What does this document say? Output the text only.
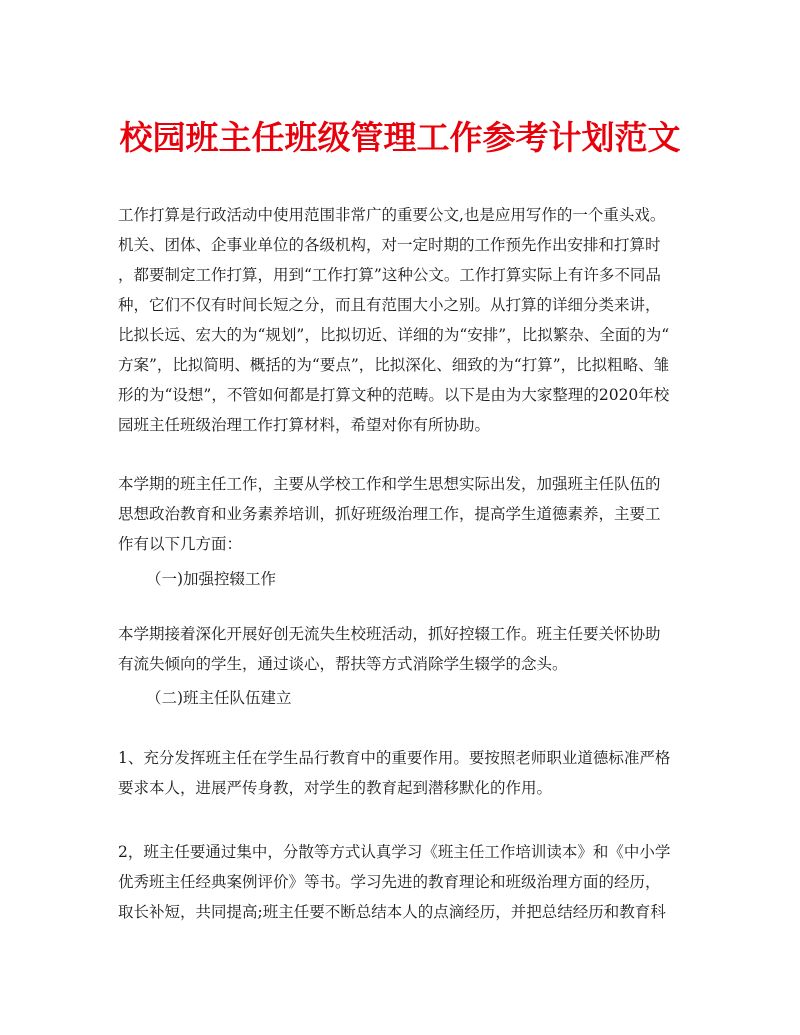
校园班主任班级管理工作参考计划范文
工作打算是行政活动中使用范围非常广的重要公文,也是应用写作的一个重头戏。
机关、团体、企事业单位的各级机构，对一定时期的工作预先作出安排和打算时
，都要制定工作打算，用到“工作打算”这种公文。工作打算实际上有许多不同品
种，它们不仅有时间长短之分，而且有范围大小之别。从打算的详细分类来讲，
比拟长远、宏大的为“规划”，比拟切近、详细的为“安排”，比拟繁杂、全面的为“
方案”，比拟简明、概括的为“要点”，比拟深化、细致的为“打算”，比拟粗略、雏
形的为“设想”，不管如何都是打算文种的范畴。以下是由为大家整理的2020年校
园班主任班级治理工作打算材料，希望对你有所协助。
本学期的班主任工作，主要从学校工作和学生思想实际出发，加强班主任队伍的
思想政治教育和业务素养培训，抓好班级治理工作，提高学生道德素养，主要工
作有以下几方面：
（一)加强控辍工作
本学期接着深化开展好创无流失生校班活动，抓好控辍工作。班主任要关怀协助
有流失倾向的学生，通过谈心，帮扶等方式消除学生辍学的念头。
（二)班主任队伍建立
1、充分发挥班主任在学生品行教育中的重要作用。要按照老师职业道德标准严格
要求本人，进展严传身教，对学生的教育起到潜移默化的作用。
2，班主任要通过集中，分散等方式认真学习《班主任工作培训读本》和《中小学
优秀班主任经典案例评价》等书。学习先进的教育理论和班级治理方面的经历，
取长补短，共同提高;班主任要不断总结本人的点滴经历，并把总结经历和教育科
